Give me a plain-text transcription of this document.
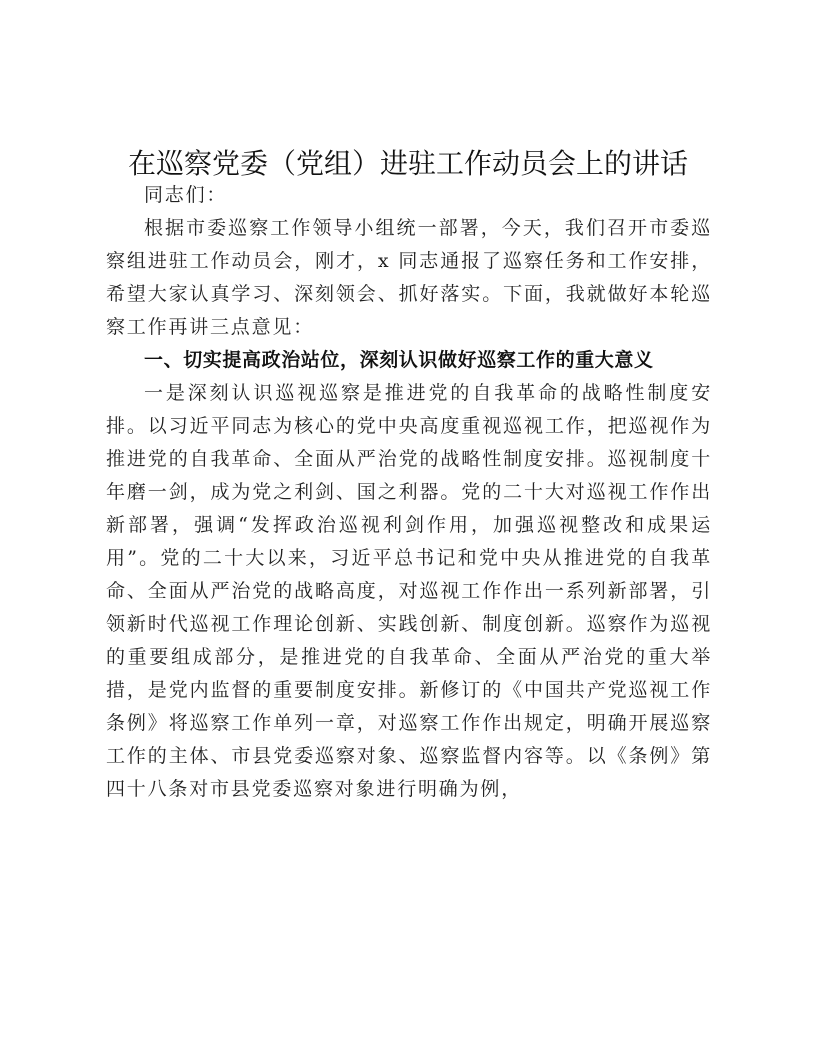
在巡察党委（党组）进驻工作动员会上的讲话

同志们：

根据市委巡察工作领导小组统一部署，今天，我们召开市委巡察组进驻工作动员会，刚才，x 同志通报了巡察任务和工作安排，希望大家认真学习、深刻领会、抓好落实。下面，我就做好本轮巡察工作再讲三点意见：

一、切实提高政治站位，深刻认识做好巡察工作的重大意义

一是深刻认识巡视巡察是推进党的自我革命的战略性制度安排。以习近平同志为核心的党中央高度重视巡视工作，把巡视作为推进党的自我革命、全面从严治党的战略性制度安排。巡视制度十年磨一剑，成为党之利剑、国之利器。党的二十大对巡视工作作出新部署，强调“发挥政治巡视利剑作用，加强巡视整改和成果运用”。党的二十大以来，习近平总书记和党中央从推进党的自我革命、全面从严治党的战略高度，对巡视工作作出一系列新部署，引领新时代巡视工作理论创新、实践创新、制度创新。巡察作为巡视的重要组成部分，是推进党的自我革命、全面从严治党的重大举措，是党内监督的重要制度安排。新修订的《中国共产党巡视工作条例》将巡察工作单列一章，对巡察工作作出规定，明确开展巡察工作的主体、市县党委巡察对象、巡察监督内容等。以《条例》第四十八条对市县党委巡察对象进行明确为例，
